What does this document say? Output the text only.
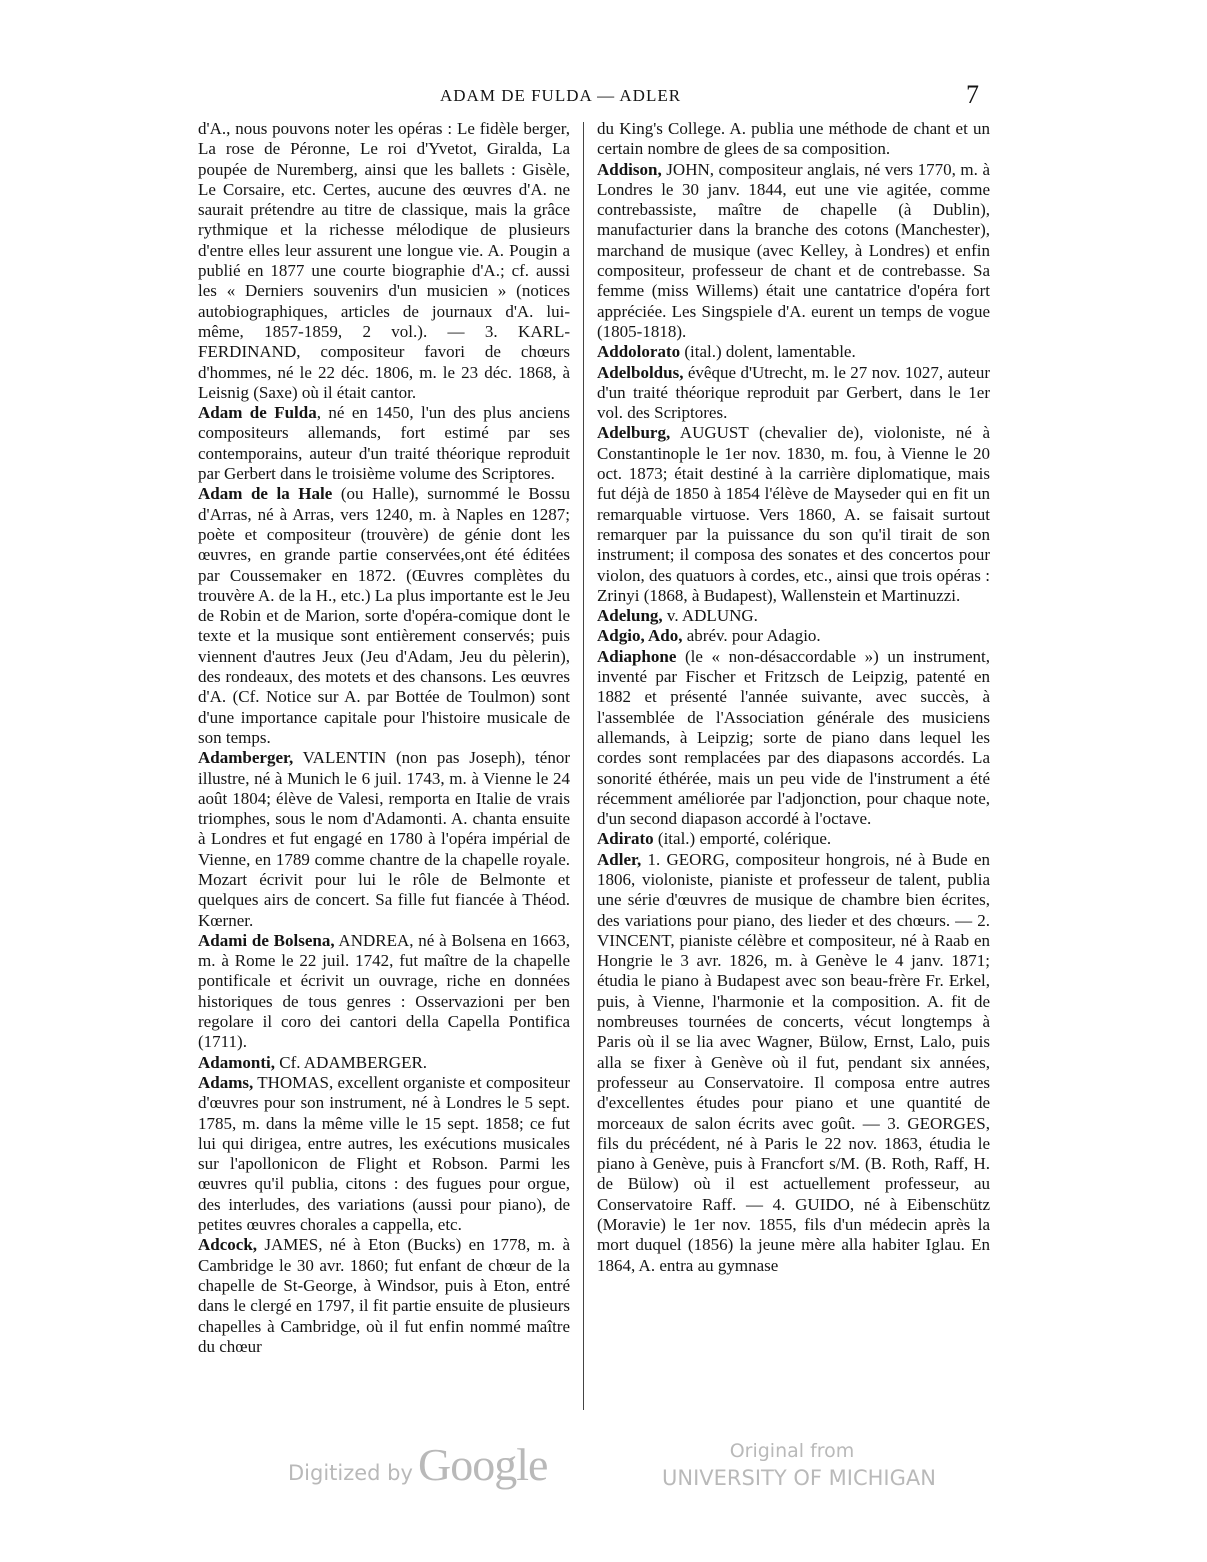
ADAM DE FULDA — ADLER	7

d'A., nous pouvons noter les opéras : Le fidèle berger, La rose de Péronne, Le roi d'Yvetot, Giralda, La poupée de Nuremberg, ainsi que les ballets : Gisèle, Le Corsaire, etc. Certes, aucune des œuvres d'A. ne saurait prétendre au titre de classique, mais la grâce rythmique et la richesse mélodique de plusieurs d'entre elles leur assurent une longue vie. A. Pougin a publié en 1877 une courte biographie d'A.; cf. aussi les « Derniers souvenirs d'un musicien » (notices autobiographiques, articles de journaux d'A. lui-même, 1857-1859, 2 vol.). — 3. KARL-FERDINAND, compositeur favori de chœurs d'hommes, né le 22 déc. 1806, m. le 23 déc. 1868, à Leisnig (Saxe) où il était cantor.

Adam de Fulda, né en 1450, l'un des plus anciens compositeurs allemands, fort estimé par ses contemporains, auteur d'un traité théorique reproduit par Gerbert dans le troisième volume des Scriptores.

Adam de la Hale (ou Halle), surnommé le Bossu d'Arras, né à Arras, vers 1240, m. à Naples en 1287; poète et compositeur (trouvère) de génie dont les œuvres, en grande partie conservées,ont été éditées par Coussemaker en 1872. (Œuvres complètes du trouvère A. de la H., etc.) La plus importante est le Jeu de Robin et de Marion, sorte d'opéra-comique dont le texte et la musique sont entièrement conservés; puis viennent d'autres Jeux (Jeu d'Adam, Jeu du pèlerin), des rondeaux, des motets et des chansons. Les œuvres d'A. (Cf. Notice sur A. par Bottée de Toulmon) sont d'une importance capitale pour l'histoire musicale de son temps.

Adamberger, VALENTIN (non pas Joseph), ténor illustre, né à Munich le 6 juil. 1743, m. à Vienne le 24 août 1804; élève de Valesi, remporta en Italie de vrais triomphes, sous le nom d'Adamonti. A. chanta ensuite à Londres et fut engagé en 1780 à l'opéra impérial de Vienne, en 1789 comme chantre de la chapelle royale. Mozart écrivit pour lui le rôle de Belmonte et quelques airs de concert. Sa fille fut fiancée à Théod. Kœrner.

Adami de Bolsena, ANDREA, né à Bolsena en 1663, m. à Rome le 22 juil. 1742, fut maître de la chapelle pontificale et écrivit un ouvrage, riche en données historiques de tous genres : Osservazioni per ben regolare il coro dei cantori della Capella Pontifica (1711).

Adamonti, Cf. ADAMBERGER.

Adams, THOMAS, excellent organiste et compositeur d'œuvres pour son instrument, né à Londres le 5 sept. 1785, m. dans la même ville le 15 sept. 1858; ce fut lui qui dirigea, entre autres, les exécutions musicales sur l'apollonicon de Flight et Robson. Parmi les œuvres qu'il publia, citons : des fugues pour orgue, des interludes, des variations (aussi pour piano), de petites œuvres chorales a cappella, etc.

Adcock, JAMES, né à Eton (Bucks) en 1778, m. à Cambridge le 30 avr. 1860; fut enfant de chœur de la chapelle de St-George, à Windsor, puis à Eton, entré dans le clergé en 1797, il fit partie ensuite de plusieurs chapelles à Cambridge, où il fut enfin nommé maître du chœur

du King's College. A. publia une méthode de chant et un certain nombre de glees de sa composition.

Addison, JOHN, compositeur anglais, né vers 1770, m. à Londres le 30 janv. 1844, eut une vie agitée, comme contrebassiste, maître de chapelle (à Dublin), manufacturier dans la branche des cotons (Manchester), marchand de musique (avec Kelley, à Londres) et enfin compositeur, professeur de chant et de contrebasse. Sa femme (miss Willems) était une cantatrice d'opéra fort appréciée. Les Singspiele d'A. eurent un temps de vogue (1805-1818).

Addolorato (ital.) dolent, lamentable.

Adelboldus, évêque d'Utrecht, m. le 27 nov. 1027, auteur d'un traité théorique reproduit par Gerbert, dans le 1er vol. des Scriptores.

Adelburg, AUGUST (chevalier de), violoniste, né à Constantinople le 1er nov. 1830, m. fou, à Vienne le 20 oct. 1873; était destiné à la carrière diplomatique, mais fut déjà de 1850 à 1854 l'élève de Mayseder qui en fit un remarquable virtuose. Vers 1860, A. se faisait surtout remarquer par la puissance du son qu'il tirait de son instrument; il composa des sonates et des concertos pour violon, des quatuors à cordes, etc., ainsi que trois opéras : Zrinyi (1868, à Budapest), Wallenstein et Martinuzzi.

Adelung, v. ADLUNG.

Adgio, Ado, abrév. pour Adagio.

Adiaphone (le « non-désaccordable ») un instrument, inventé par Fischer et Fritzsch de Leipzig, patenté en 1882 et présenté l'année suivante, avec succès, à l'assemblée de l'Association générale des musiciens allemands, à Leipzig; sorte de piano dans lequel les cordes sont remplacées par des diapasons accordés. La sonorité éthérée, mais un peu vide de l'instrument a été récemment améliorée par l'adjonction, pour chaque note, d'un second diapason accordé à l'octave.

Adirato (ital.) emporté, colérique.

Adler, 1. GEORG, compositeur hongrois, né à Bude en 1806, violoniste, pianiste et professeur de talent, publia une série d'œuvres de musique de chambre bien écrites, des variations pour piano, des lieder et des chœurs. — 2. VINCENT, pianiste célèbre et compositeur, né à Raab en Hongrie le 3 avr. 1826, m. à Genève le 4 janv. 1871; étudia le piano à Budapest avec son beau-frère Fr. Erkel, puis, à Vienne, l'harmonie et la composition. A. fit de nombreuses tournées de concerts, vécut longtemps à Paris où il se lia avec Wagner, Bülow, Ernst, Lalo, puis alla se fixer à Genève où il fut, pendant six années, professeur au Conservatoire. Il composa entre autres d'excellentes études pour piano et une quantité de morceaux de salon écrits avec goût. — 3. GEORGES, fils du précédent, né à Paris le 22 nov. 1863, étudia le piano à Genève, puis à Francfort s/M. (B. Roth, Raff, H. de Bülow) où il est actuellement professeur, au Conservatoire Raff. — 4. GUIDO, né à Eibenschütz (Moravie) le 1er nov. 1855, fils d'un médecin après la mort duquel (1856) la jeune mère alla habiter Iglau. En 1864, A. entra au gymnase

Digitized by Google	Original from
UNIVERSITY OF MICHIGAN
